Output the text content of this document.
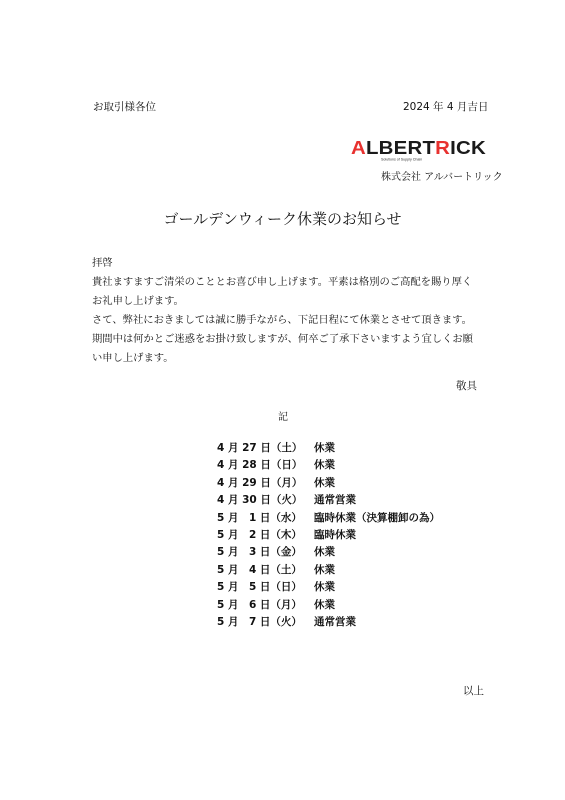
お取引様各位	2024 年 4 月吉日
ALBERT RICK
Solutions of Supply Chain
株式会社 アルバートリック
ゴールデンウィーク休業のお知らせ

拝啓

貴社ますますご清栄のこととお喜び申し上げます。平素は格別のご高配を賜り厚く

お礼申し上げます。

さて、弊社におきましては誠に勝手ながら、下記日程にて休業とさせて頂きます。

期間中は何かとご迷惑をお掛け致しますが、何卒ご了承下さいますよう宜しくお願

い申し上げます。

敬具
記
4 月 27 日（土） 休業
4 月 28 日（日） 休業
4 月 29 日（月） 休業
4 月 30 日（火） 通常営業
5 月　1 日（水） 臨時休業（決算棚卸の為）
5 月　2 日（木） 臨時休業
5 月　3 日（金） 休業
5 月　4 日（土） 休業
5 月　5 日（日） 休業
5 月　6 日（月） 休業
5 月　7 日（火） 通常営業
以上
